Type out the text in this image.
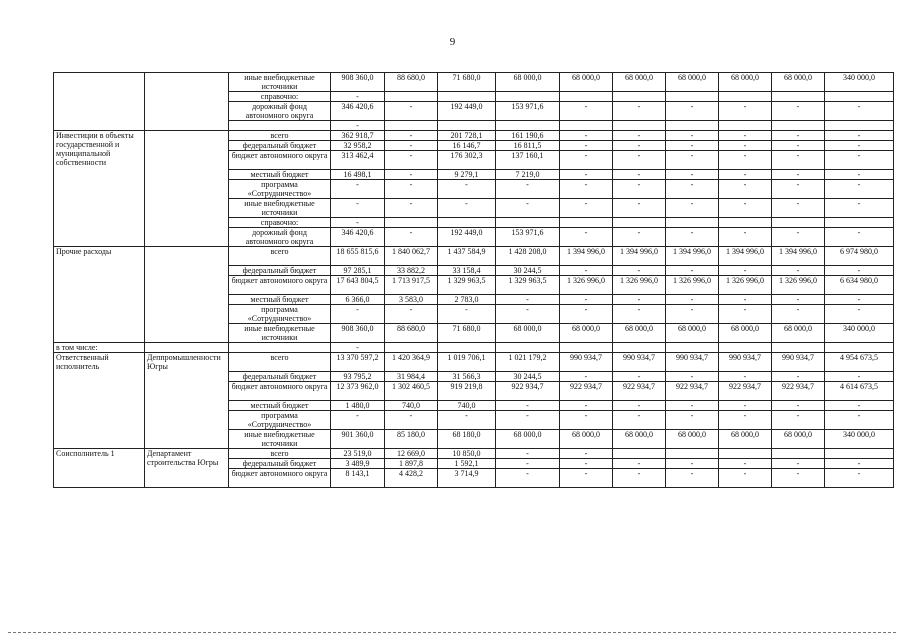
9
		иные внебюджетные источники	908 360,0	88 680,0	71 680,0	68 000,0	68 000,0	68 000,0	68 000,0	68 000,0	68 000,0	340 000,0
		справочно:	-									
		дорожный фонд автономного округа	346 420,6	-	192 449,0	153 971,6	-	-	-	-	-	-
			-									
Инвестиции в объекты государственной и муниципальной собственности		всего	362 918,7	-	201 728,1	161 190,6	-	-	-	-	-	-
		федеральный бюджет	32 958,2	-	16 146,7	16 811,5	-	-	-	-	-	-
		бюджет автономного округа	313 462,4	-	176 302,3	137 160,1	-	-	-	-	-	-
		местный бюджет	16 498,1	-	9 279,1	7 219,0	-	-	-	-	-	-
		программа «Сотрудничество»	-	-	-	-	-	-	-	-	-	-
		иные внебюджетные источники	-	-	-	-	-	-	-	-	-	-
		справочно:	-									
		дорожный фонд автономного округа	346 420,6	-	192 449,0	153 971,6	-	-	-	-	-	-
Прочие расходы		всего	18 655 815,6	1 840 062,7	1 437 584,9	1 428 208,0	1 394 996,0	1 394 996,0	1 394 996,0	1 394 996,0	1 394 996,0	6 974 980,0
		федеральный бюджет	97 285,1	33 882,2	33 158,4	30 244,5	-	-	-	-	-	-
		бюджет автономного округа	17 643 804,5	1 713 917,5	1 329 963,5	1 329 963,5	1 326 996,0	1 326 996,0	1 326 996,0	1 326 996,0	1 326 996,0	6 634 980,0
		местный бюджет	6 366,0	3 583,0	2 783,0	-	-	-	-	-	-	-
		программа «Сотрудничество»	-	-	-	-	-	-	-	-	-	-
		иные внебюджетные источники	908 360,0	88 680,0	71 680,0	68 000,0	68 000,0	68 000,0	68 000,0	68 000,0	68 000,0	340 000,0
в том числе:			-									
Ответственный исполнитель	Деппромышленности Югры	всего	13 370 597,2	1 420 364,9	1 019 706,1	1 021 179,2	990 934,7	990 934,7	990 934,7	990 934,7	990 934,7	4 954 673,5
		федеральный бюджет	93 795,2	31 984,4	31 566,3	30 244,5	-	-	-	-	-	-
		бюджет автономного округа	12 373 962,0	1 302 460,5	919 219,8	922 934,7	922 934,7	922 934,7	922 934,7	922 934,7	922 934,7	4 614 673,5
		местный бюджет	1 480,0	740,0	740,0	-	-	-	-	-	-	-
		программа «Сотрудничество»	-	-	-	-	-	-	-	-	-	-
		иные внебюджетные источники	901 360,0	85 180,0	68 180,0	68 000,0	68 000,0	68 000,0	68 000,0	68 000,0	68 000,0	340 000,0
Соисполнитель 1	Департамент строительства Югры	всего	23 519,0	12 669,0	10 850,0	-	-					
		федеральный бюджет	3 489,9	1 897,8	1 592,1	-	-	-	-	-	-	-
		бюджет автономного округа	8 143,1	4 428,2	3 714,9	-	-	-	-	-	-	-
